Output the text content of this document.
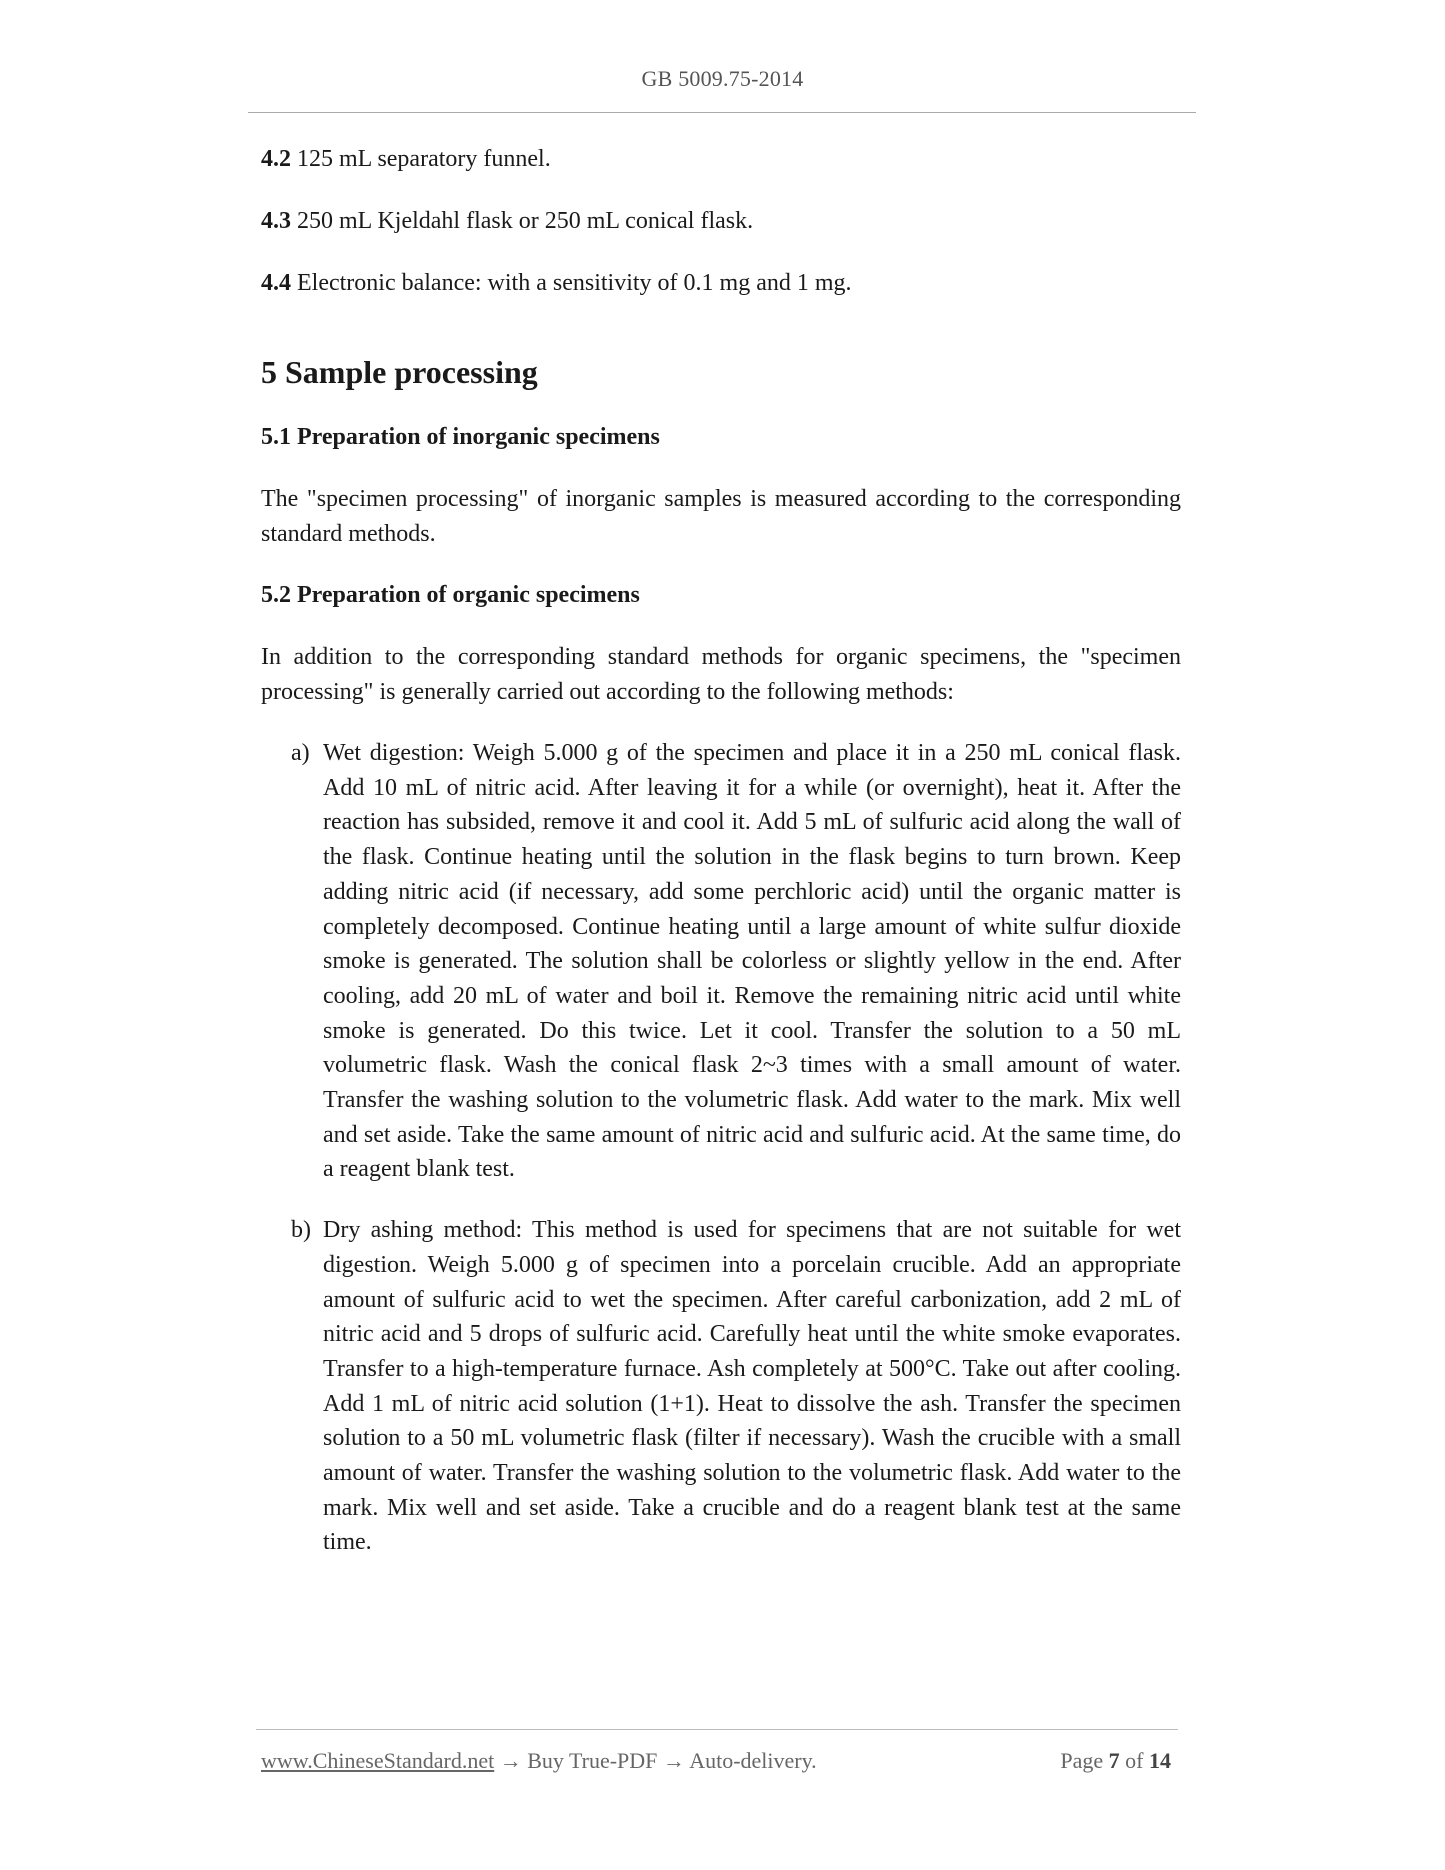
GB 5009.75-2014

4.2 125 mL separatory funnel.

4.3 250 mL Kjeldahl flask or 250 mL conical flask.

4.4 Electronic balance: with a sensitivity of 0.1 mg and 1 mg.

5 Sample processing
5.1 Preparation of inorganic specimens

The "specimen processing" of inorganic samples is measured according to the corresponding standard methods.

5.2 Preparation of organic specimens

In addition to the corresponding standard methods for organic specimens, the "specimen processing" is generally carried out according to the following methods:

a) Wet digestion: Weigh 5.000 g of the specimen and place it in a 250 mL conical flask. Add 10 mL of nitric acid. After leaving it for a while (or overnight), heat it. After the reaction has subsided, remove it and cool it. Add 5 mL of sulfuric acid along the wall of the flask. Continue heating until the solution in the flask begins to turn brown. Keep adding nitric acid (if necessary, add some perchloric acid) until the organic matter is completely decomposed. Continue heating until a large amount of white sulfur dioxide smoke is generated. The solution shall be colorless or slightly yellow in the end. After cooling, add 20 mL of water and boil it. Remove the remaining nitric acid until white smoke is generated. Do this twice. Let it cool. Transfer the solution to a 50 mL volumetric flask. Wash the conical flask 2~3 times with a small amount of water. Transfer the washing solution to the volumetric flask. Add water to the mark. Mix well and set aside. Take the same amount of nitric acid and sulfuric acid. At the same time, do a reagent blank test.
b) Dry ashing method: This method is used for specimens that are not suitable for wet digestion. Weigh 5.000 g of specimen into a porcelain crucible. Add an appropriate amount of sulfuric acid to wet the specimen. After careful carbonization, add 2 mL of nitric acid and 5 drops of sulfuric acid. Carefully heat until the white smoke evaporates. Transfer to a high-temperature furnace. Ash completely at 500°C. Take out after cooling. Add 1 mL of nitric acid solution (1+1). Heat to dissolve the ash. Transfer the specimen solution to a 50 mL volumetric flask (filter if necessary). Wash the crucible with a small amount of water. Transfer the washing solution to the volumetric flask. Add water to the mark. Mix well and set aside. Take a crucible and do a reagent blank test at the same time.
www.ChineseStandard.net → Buy True-PDF → Auto-delivery.	Page 7 of 14
